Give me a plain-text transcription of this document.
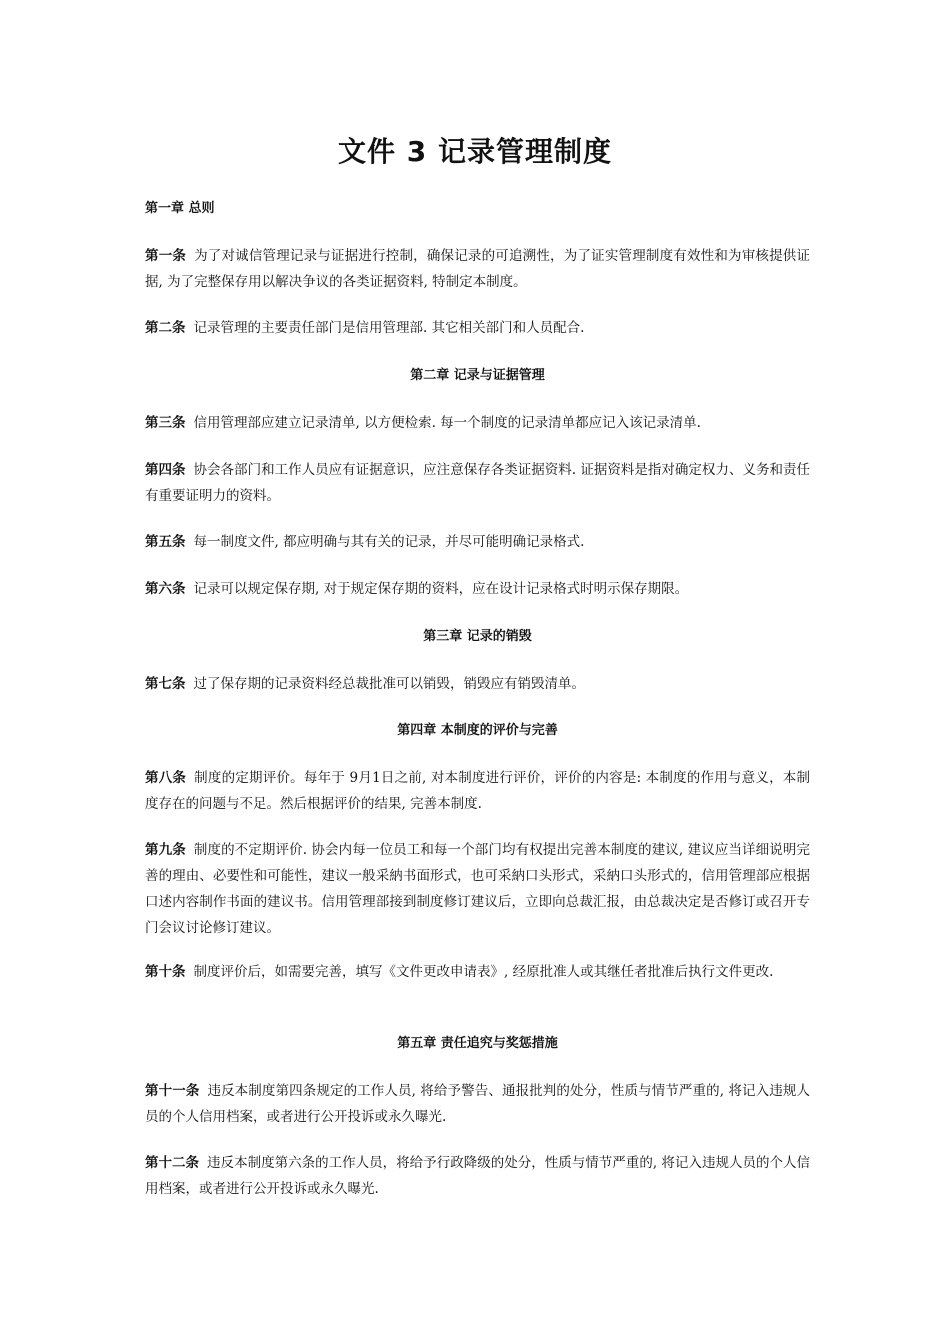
文件 3 记录管理制度

第一章 总则

第一条 为了对诚信管理记录与证据进行控制，确保记录的可追溯性，为了证实管理制度有效性和为审核提供证据, 为了完整保存用以解决争议的各类证据资料, 特制定本制度。

第二条 记录管理的主要责任部门是信用管理部. 其它相关部门和人员配合.

第二章 记录与证据管理

第三条 信用管理部应建立记录清单, 以方便检索. 每一个制度的记录清单都应记入该记录清单.

第四条 协会各部门和工作人员应有证据意识，应注意保存各类证据资料. 证据资料是指对确定权力、义务和责任有重要证明力的资料。

第五条 每一制度文件, 都应明确与其有关的记录，并尽可能明确记录格式.

第六条 记录可以规定保存期, 对于规定保存期的资料，应在设计记录格式时明示保存期限。

第三章 记录的销毁

第七条 过了保存期的记录资料经总裁批准可以销毁，销毁应有销毁清单。

第四章 本制度的评价与完善

第八条 制度的定期评价。每年于 9月1日之前, 对本制度进行评价，评价的内容是: 本制度的作用与意义，本制度存在的问题与不足。然后根据评价的结果, 完善本制度.

第九条 制度的不定期评价. 协会内每一位员工和每一个部门均有权提出完善本制度的建议, 建议应当详细说明完善的理由、必要性和可能性，建议一般采納书面形式，也可采納口头形式，采納口头形式的，信用管理部应根据口述内容制作书面的建议书。信用管理部接到制度修订建议后，立即向总裁汇报，由总裁决定是否修订或召开专门会议讨论修订建议。

第十条 制度评价后，如需要完善，填写《文件更改申请表》, 经原批准人或其继任者批准后执行文件更改.

第五章 责任追究与奖惩措施

第十一条 违反本制度第四条规定的工作人员, 将给予警告、通报批判的处分，性质与情节严重的, 将记入违规人员的个人信用档案，或者进行公开投诉或永久曝光.

第十二条 违反本制度第六条的工作人员，将给予行政降级的处分，性质与情节严重的, 将记入违规人员的个人信用档案，或者进行公开投诉或永久曝光.
